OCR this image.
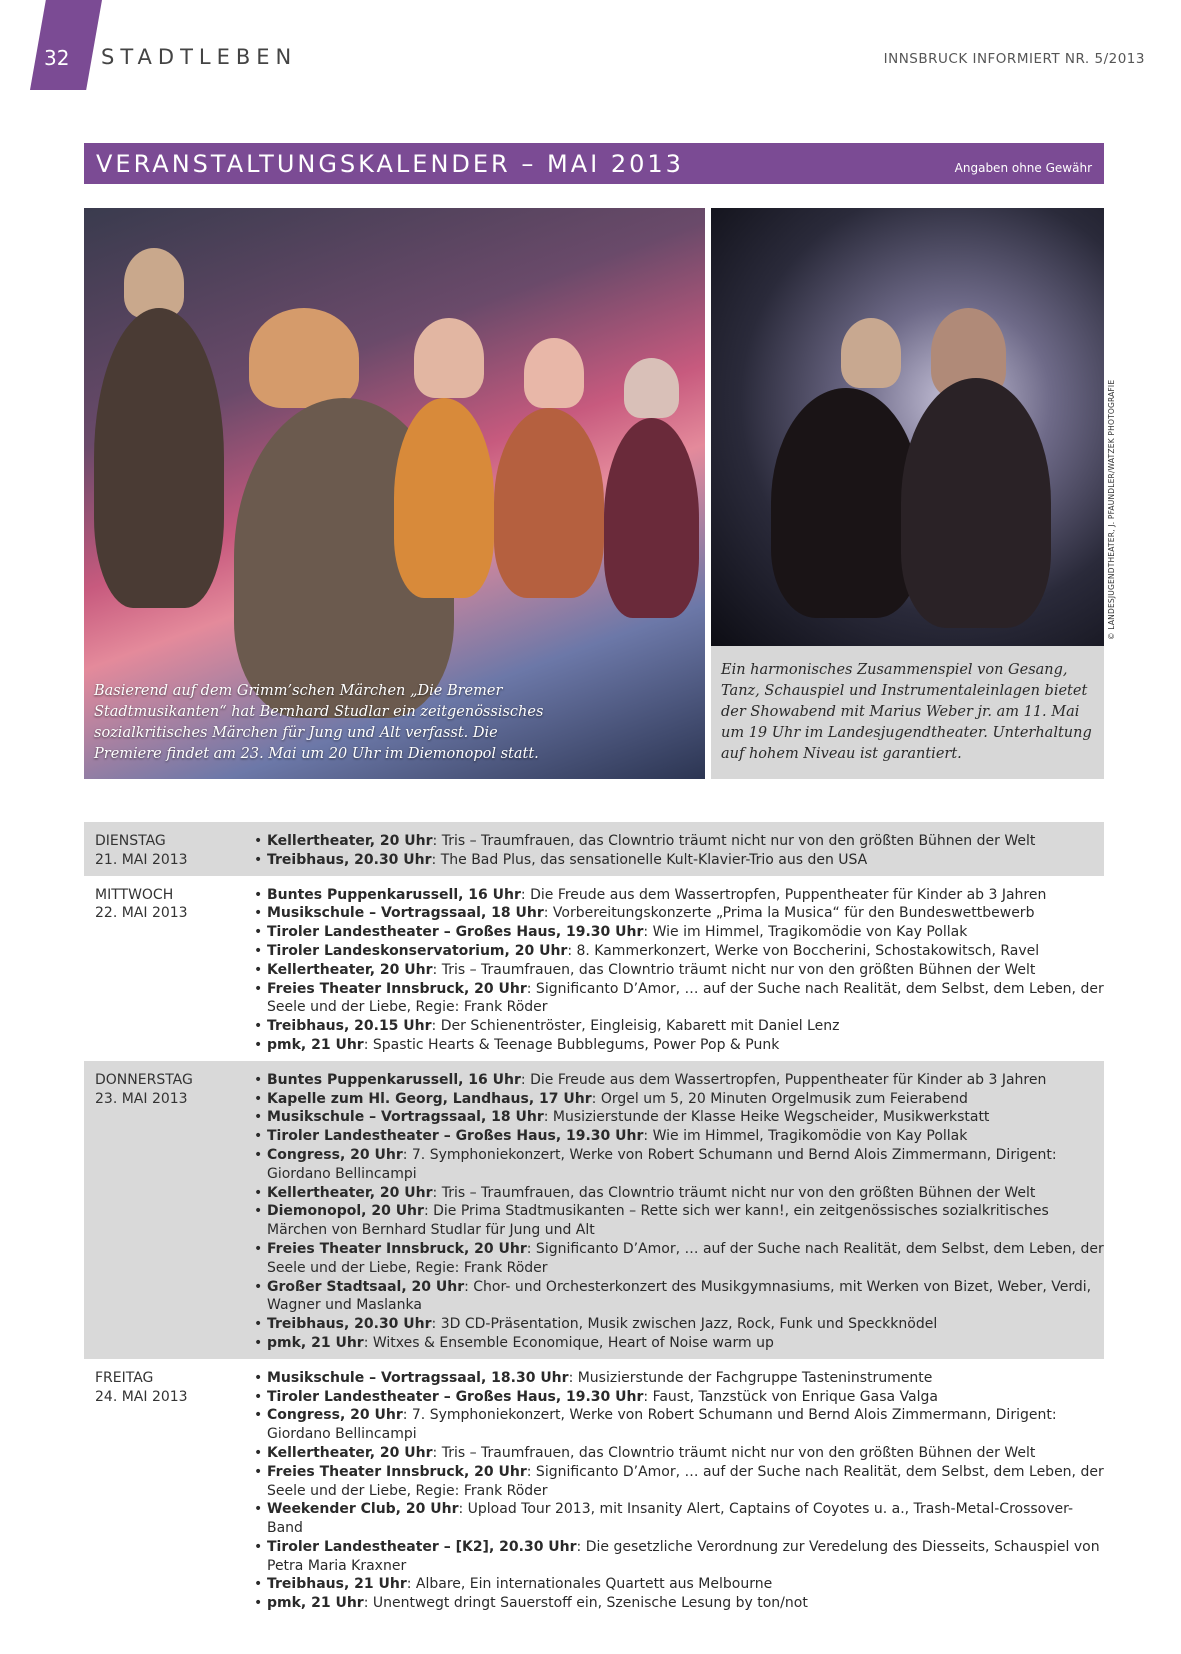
32 STADTLEBEN	INNSBRUCK INFORMIERT NR. 5/2013
VERANSTALTUNGSKALENDER – MAI 2013	Angaben ohne Gewähr
Basierend auf dem Grimm’schen Märchen „Die Bremer Stadtmusikanten“ hat Bernhard Studlar ein zeitgenössisches sozialkritisches Märchen für Jung und Alt verfasst. Die Premiere findet am 23. Mai um 20 Uhr im Diemonopol statt.
Ein harmonisches Zusammenspiel von Gesang, Tanz, Schauspiel und Instrumentaleinlagen bietet der Showabend mit Marius Weber jr. am 11. Mai um 19 Uhr im Landesjugendtheater. Unterhaltung auf hohem Niveau ist garantiert.
© LANDESJUGENDTHEATER, J. PFAUNDLER/WATZEK PHOTOGRAFIE
DIENSTAG
21. MAI 2013
• Kellertheater, 20 Uhr: Tris – Traumfrauen, das Clowntrio träumt nicht nur von den größten Bühnen der Welt
• Treibhaus, 20.30 Uhr: The Bad Plus, das sensationelle Kult-Klavier-Trio aus den USA
MITTWOCH
22. MAI 2013
• Buntes Puppenkarussell, 16 Uhr: Die Freude aus dem Wassertropfen, Puppentheater für Kinder ab 3 Jahren
• Musikschule – Vortragssaal, 18 Uhr: Vorbereitungskonzerte „Prima la Musica“ für den Bundeswettbewerb
• Tiroler Landestheater – Großes Haus, 19.30 Uhr: Wie im Himmel, Tragikomödie von Kay Pollak
• Tiroler Landeskonservatorium, 20 Uhr: 8. Kammerkonzert, Werke von Boccherini, Schostakowitsch, Ravel
• Kellertheater, 20 Uhr: Tris – Traumfrauen, das Clowntrio träumt nicht nur von den größten Bühnen der Welt
• Freies Theater Innsbruck, 20 Uhr: Significanto D’Amor, … auf der Suche nach Realität, dem Selbst, dem Leben, der Seele und der Liebe, Regie: Frank Röder
• Treibhaus, 20.15 Uhr: Der Schienentröster, Eingleisig, Kabarett mit Daniel Lenz
• pmk, 21 Uhr: Spastic Hearts & Teenage Bubblegums, Power Pop & Punk
DONNERSTAG
23. MAI 2013
• Buntes Puppenkarussell, 16 Uhr: Die Freude aus dem Wassertropfen, Puppentheater für Kinder ab 3 Jahren
• Kapelle zum Hl. Georg, Landhaus, 17 Uhr: Orgel um 5, 20 Minuten Orgelmusik zum Feierabend
• Musikschule – Vortragssaal, 18 Uhr: Musizierstunde der Klasse Heike Wegscheider, Musikwerkstatt
• Tiroler Landestheater – Großes Haus, 19.30 Uhr: Wie im Himmel, Tragikomödie von Kay Pollak
• Congress, 20 Uhr: 7. Symphoniekonzert, Werke von Robert Schumann und Bernd Alois Zimmermann, Dirigent: Giordano Bellincampi
• Kellertheater, 20 Uhr: Tris – Traumfrauen, das Clowntrio träumt nicht nur von den größten Bühnen der Welt
• Diemonopol, 20 Uhr: Die Prima Stadtmusikanten – Rette sich wer kann!, ein zeitgenössisches sozialkritisches Märchen von Bernhard Studlar für Jung und Alt
• Freies Theater Innsbruck, 20 Uhr: Significanto D’Amor, … auf der Suche nach Realität, dem Selbst, dem Leben, der Seele und der Liebe, Regie: Frank Röder
• Großer Stadtsaal, 20 Uhr: Chor- und Orchesterkonzert des Musikgymnasiums, mit Werken von Bizet, Weber, Verdi, Wagner und Maslanka
• Treibhaus, 20.30 Uhr: 3D CD-Präsentation, Musik zwischen Jazz, Rock, Funk und Speckknödel
• pmk, 21 Uhr: Witxes & Ensemble Economique, Heart of Noise warm up
FREITAG
24. MAI 2013
• Musikschule – Vortragssaal, 18.30 Uhr: Musizierstunde der Fachgruppe Tasteninstrumente
• Tiroler Landestheater – Großes Haus, 19.30 Uhr: Faust, Tanzstück von Enrique Gasa Valga
• Congress, 20 Uhr: 7. Symphoniekonzert, Werke von Robert Schumann und Bernd Alois Zimmermann, Dirigent: Giordano Bellincampi
• Kellertheater, 20 Uhr: Tris – Traumfrauen, das Clowntrio träumt nicht nur von den größten Bühnen der Welt
• Freies Theater Innsbruck, 20 Uhr: Significanto D’Amor, … auf der Suche nach Realität, dem Selbst, dem Leben, der Seele und der Liebe, Regie: Frank Röder
• Weekender Club, 20 Uhr: Upload Tour 2013, mit Insanity Alert, Captains of Coyotes u. a., Trash-Metal-Crossover-Band
• Tiroler Landestheater – [K2], 20.30 Uhr: Die gesetzliche Verordnung zur Veredelung des Diesseits, Schauspiel von Petra Maria Kraxner
• Treibhaus, 21 Uhr: Albare, Ein internationales Quartett aus Melbourne
• pmk, 21 Uhr: Unentwegt dringt Sauerstoff ein, Szenische Lesung by ton/not
